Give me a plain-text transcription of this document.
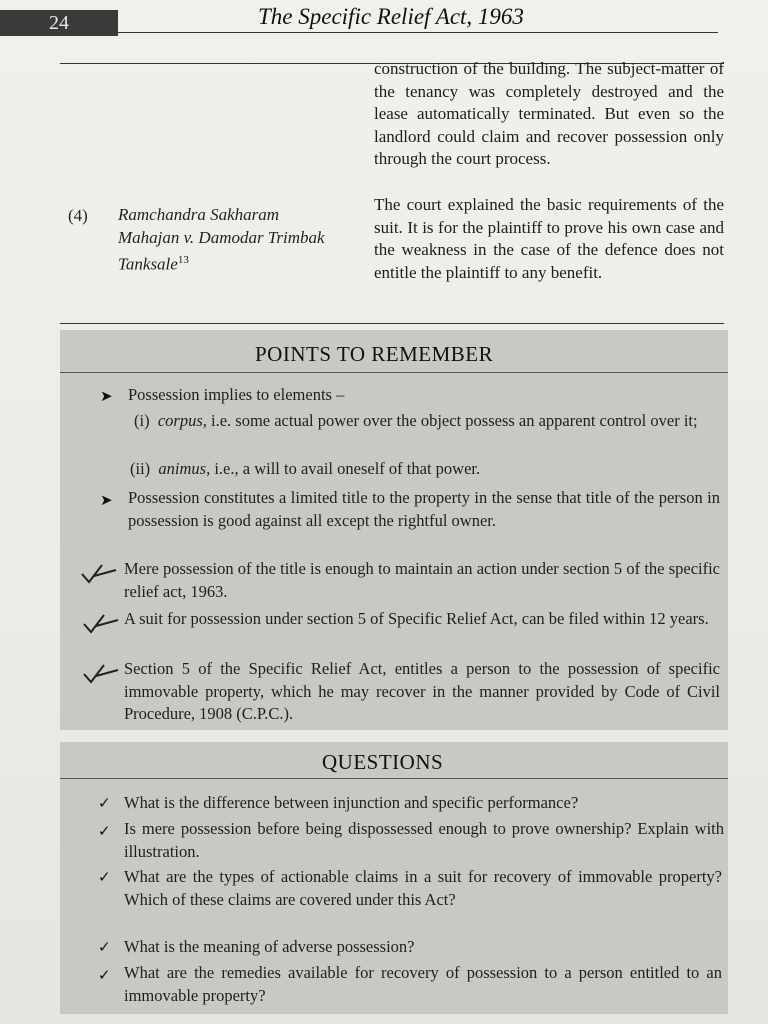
24	The Specific Relief Act, 1963
construction of the building. The subject-matter of the tenancy was completely destroyed and the lease automatically terminated. But even so the landlord could claim and recover possession only through the court process.
(4) Ramchandra Sakharam Mahajan v. Damodar Trimbak Tanksale$^{13}$
The court explained the basic requirements of the suit. It is for the plaintiff to prove his own case and the weakness in the case of the defence does not entitle the plaintiff to any benefit.
POINTS TO REMEMBER
➤ Possession implies to elements –
(i) corpus, i.e. some actual power over the object possess an apparent control over it;
(ii) animus, i.e., a will to avail oneself of that power.
➤ Possession constitutes a limited title to the property in the sense that title of the person in possession is good against all except the rightful owner.
Mere possession of the title is enough to maintain an action under section 5 of the specific relief act, 1963.
A suit for possession under section 5 of Specific Relief Act, can be filed within 12 years.
Section 5 of the Specific Relief Act, entitles a person to the possession of specific immovable property, which he may recover in the manner provided by Code of Civil Procedure, 1908 (C.P.C.).
QUESTIONS
✓ What is the difference between injunction and specific performance?
✓ Is mere possession before being dispossessed enough to prove ownership? Explain with illustration.
✓ What are the types of actionable claims in a suit for recovery of immovable property? Which of these claims are covered under this Act?
✓ What is the meaning of adverse possession?
✓ What are the remedies available for recovery of possession to a person entitled to an immovable property?
